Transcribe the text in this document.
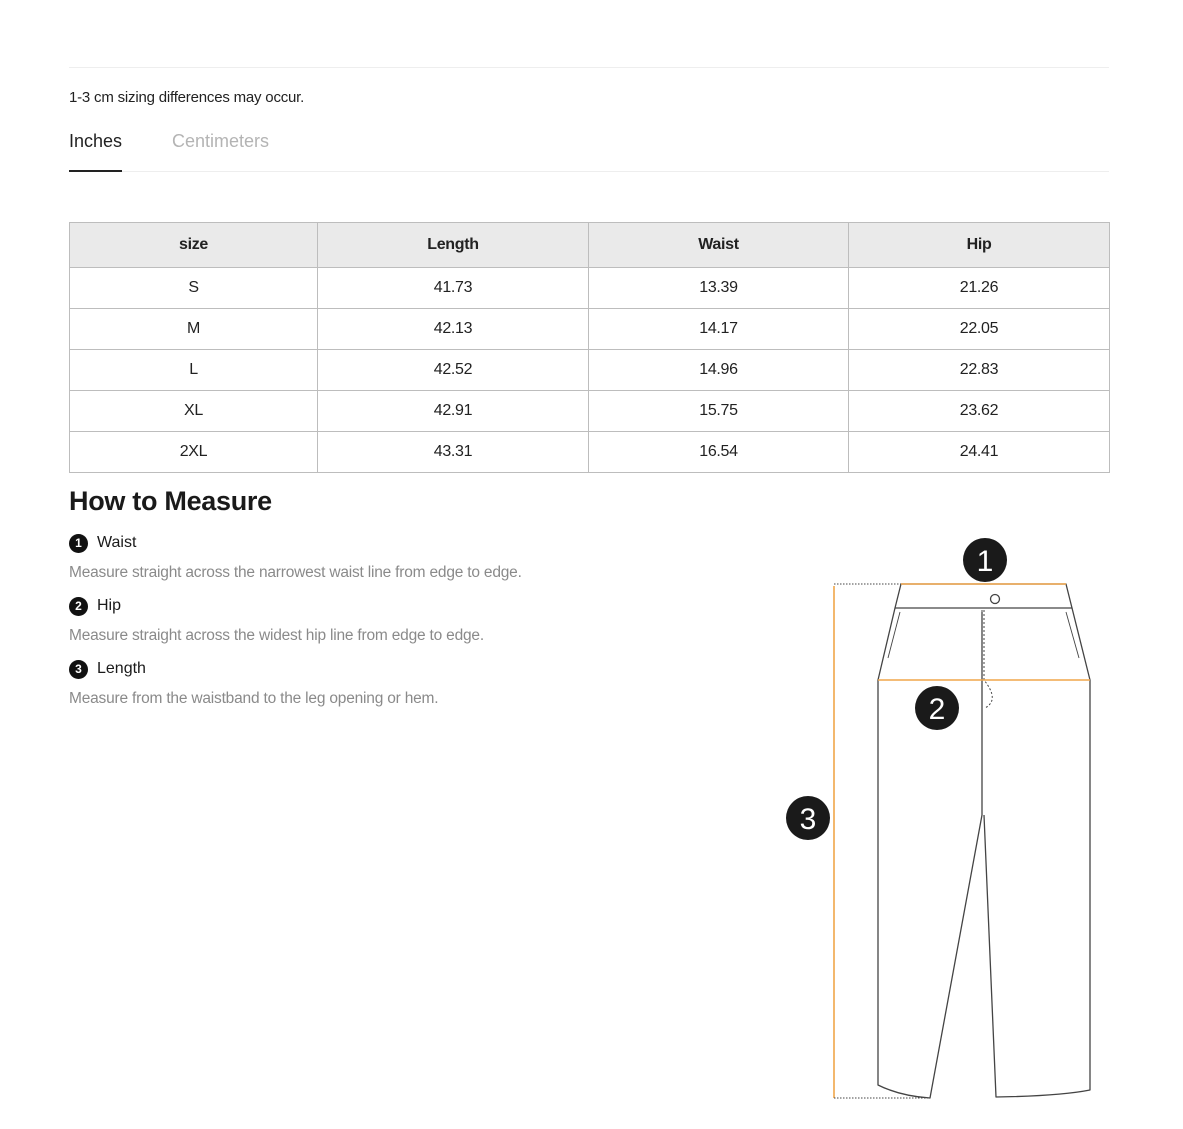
1-3 cm sizing differences may occur.
Inches	Centimeters
size	Length	Waist	Hip
S	41.73	13.39	21.26
M	42.13	14.17	22.05
L	42.52	14.96	22.83
XL	42.91	15.75	23.62
2XL	43.31	16.54	24.41
How to Measure
1 Waist
Measure straight across the narrowest waist line from edge to edge.
2 Hip
Measure straight across the widest hip line from edge to edge.
3 Length
Measure from the waistband to the leg opening or hem.
1
2
3
